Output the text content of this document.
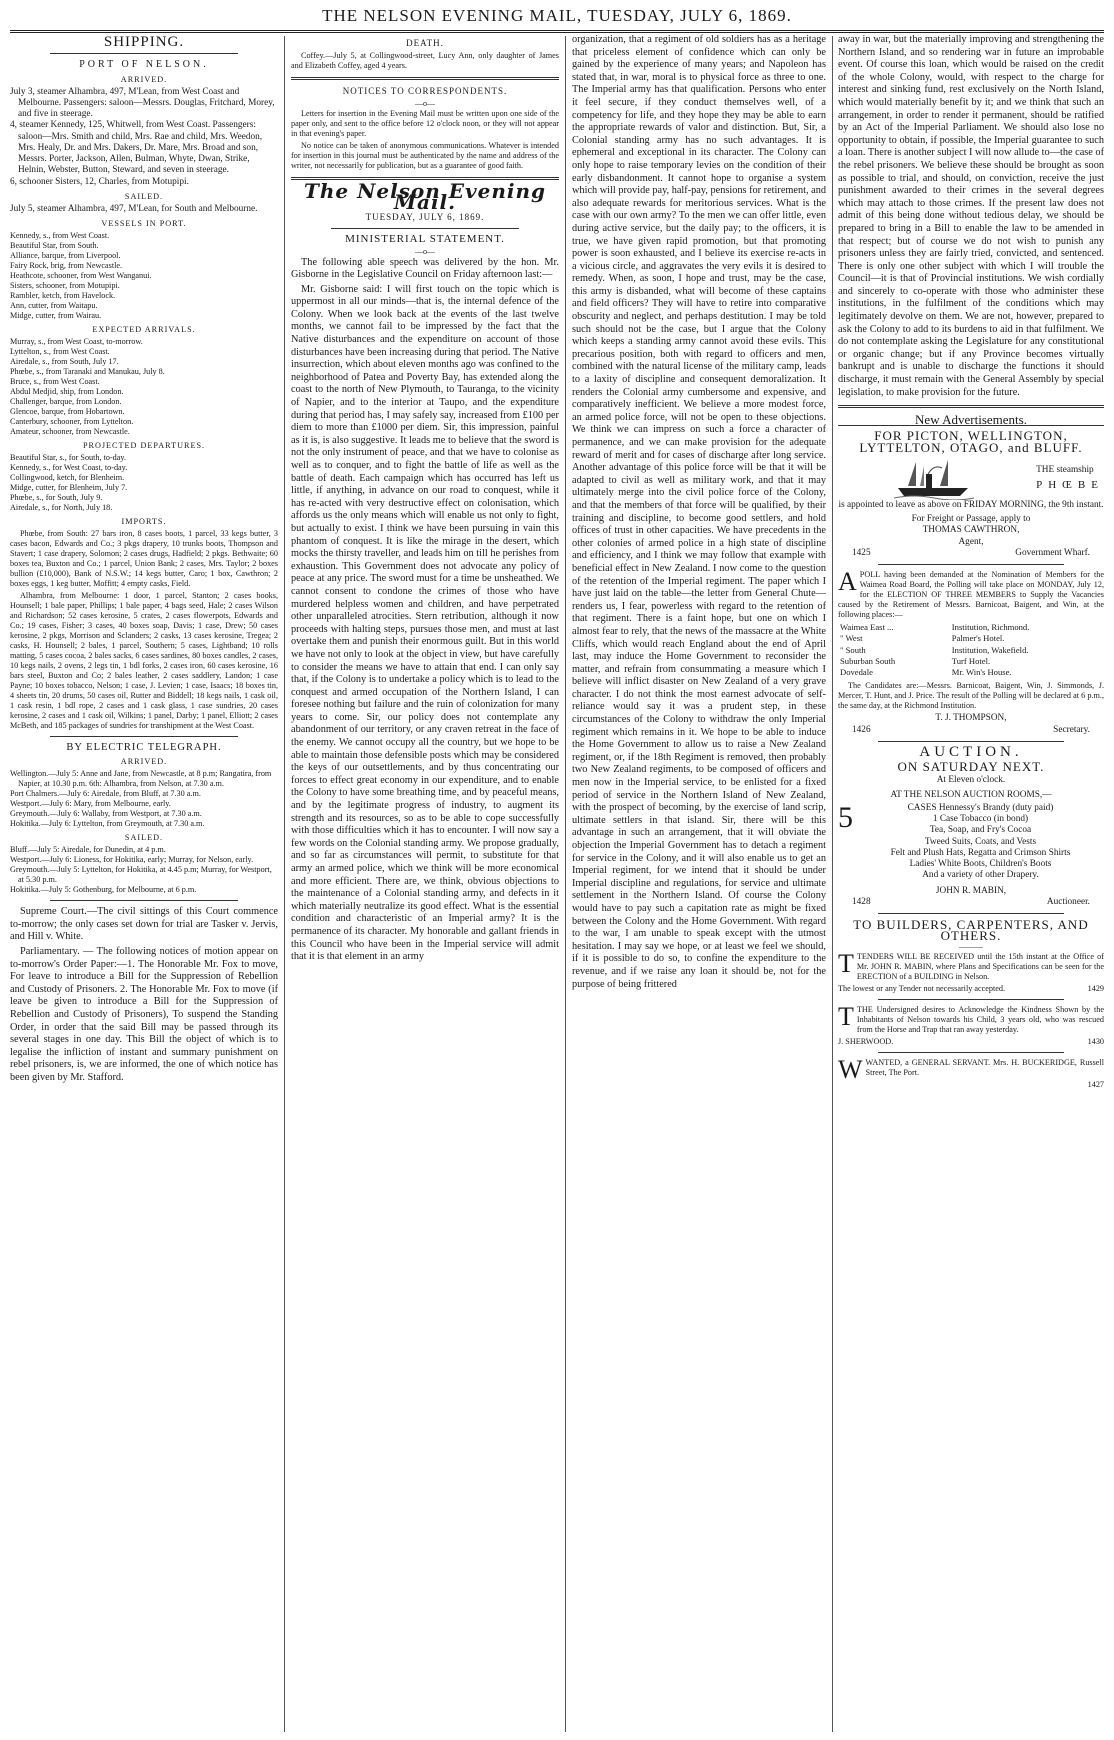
THE NELSON EVENING MAIL, TUESDAY, JULY 6, 1869.
SHIPPING.
PORT OF NELSON.
ARRIVED.
July 3, steamer Alhambra, 497, M'Lean, from West Coast and Melbourne. Passengers: saloon—Messrs. Douglas, Fritchard, Morey, and five in steerage.
4, steamer Kennedy, 125, Whitwell, from West Coast. Passengers: saloon—Mrs. Smith and child, Mrs. Rae and child, Mrs. Weedon, Mrs. Healy, Dr. and Mrs. Dakers, Dr. Mare, Mrs. Broad and son, Messrs. Porter, Jackson, Allen, Bulman, Whyte, Dwan, Strike, Helnin, Webster, Button, Steward, and seven in steerage.
6, schooner Sisters, 12, Charles, from Motupipi.
SAILED.
July 5, steamer Alhambra, 497, M'Lean, for South and Melbourne.
VESSELS IN PORT.
Kennedy, s., from West Coast.
Beautiful Star, from South.
Alliance, barque, from Liverpool.
Fairy Rock, brig, from Newcastle.
Heathcote, schooner, from West Wanganui.
Sisters, schooner, from Motupipi.
Rambler, ketch, from Havelock.
Ann, cutter, from Waitapu.
Midge, cutter, from Wairau.
EXPECTED ARRIVALS.
Murray, s., from West Coast, to-morrow.
Lyttelton, s., from West Coast.
Airedale, s., from South, July 17.
Phœbe, s., from Taranaki and Manukau, July 8.
Bruce, s., from West Coast.
Abdul Medjid, ship, from London.
Challenger, barque, from London.
Glencoe, barque, from Hobartown.
Canterbury, schooner, from Lyttelton.
Amateur, schooner, from Newcastle.
PROJECTED DEPARTURES.
Beautiful Star, s., for South, to-day.
Kennedy, s., for West Coast, to-day.
Collingwood, ketch, for Blenheim.
Midge, cutter, for Blenheim, July 7.
Phœbe, s., for South, July 9.
Airedale, s., for North, July 18.
IMPORTS.

Phœbe, from South: 27 bars iron, 8 cases boots, 1 parcel, 33 kegs butter, 3 cases bacon, Edwards and Co.; 3 pkgs drapery, 10 trunks boots, Thompson and Stavert; 1 case drapery, Solomon; 2 cases drugs, Hadfield; 2 pkgs. Bethwaite; 60 boxes tea, Buxton and Co.; 1 parcel, Union Bank; 2 cases, Mrs. Taylor; 2 boxes bullion (£10,000), Bank of N.S.W.; 14 kegs butter, Caro; 1 box, Cawthron; 2 boxes eggs, 1 keg butter, Moffitt; 4 empty casks, Field.

Alhambra, from Melbourne: 1 door, 1 parcel, Stanton; 2 cases books, Hounsell; 1 bale paper, Phillips; 1 bale paper, 4 bags seed, Hale; 2 cases Wilson and Richardson; 52 cases kerosine, 5 crates, 2 cases flowerpots, Edwards and Co.; 19 cases, Fisher; 3 cases, 40 boxes soap, Davis; 1 case, Drew; 50 cases kerosine, 2 pkgs, Morrison and Sclanders; 2 casks, 13 cases kerosine, Tregea; 2 casks, H. Hounsell; 2 bales, 1 parcel, Southern; 5 cases, Lightband; 10 rolls matting, 5 cases cocoa, 2 bales sacks, 6 cases sardines, 80 boxes candles, 2 cases, 10 kegs nails, 2 ovens, 2 legs tin, 1 bdl forks, 2 cases iron, 60 cases kerosine, 16 bars steel, Buxton and Co; 2 bales leather, 2 cases saddlery, Landon; 1 case Payne; 10 boxes tobacco, Nelson; 1 case, J. Levien; 1 case, Isaacs; 18 boxes tin, 4 sheets tin, 20 drums, 50 cases oil, Rutter and Biddell; 18 kegs nails, 1 cask oil, 1 cask resin, 1 bdl rope, 2 cases and 1 cask glass, 1 case sundries, 20 cases kerosine, 2 cases and 1 cask oil, Wilkins; 1 panel, Darby; 1 panel, Elliott; 2 cases McBeth, and 185 packages of sundries for transhipment at the West Coast.

BY ELECTRIC TELEGRAPH.
ARRIVED.
Wellington.—July 5: Anne and Jane, from Newcastle, at 8 p.m; Rangatira, from Napier, at 10.30 p.m. 6th: Alhambra, from Nelson, at 7.30 a.m.
Port Chalmers.—July 6: Airedale, from Bluff, at 7.30 a.m.
Westport.—July 6: Mary, from Melbourne, early.
Greymouth.—July 6: Wallaby, from Westport, at 7.30 a.m.
Hokitika.—July 6: Lyttelton, from Greymouth, at 7.30 a.m.
SAILED.
Bluff.—July 5: Airedale, for Dunedin, at 4 p.m.
Westport.—July 6: Lioness, for Hokitika, early; Murray, for Nelson, early.
Greymouth.—July 5: Lyttelton, for Hokitika, at 4.45 p.m; Murray, for Westport, at 5.30 p.m.
Hokitika.—July 5: Gothenburg, for Melbourne, at 6 p.m.

Supreme Court.—The civil sittings of this Court commence to-morrow; the only cases set down for trial are Tasker v. Jervis, and Hill v. White.

Parliamentary. — The following notices of motion appear on to-morrow's Order Paper:—1. The Honorable Mr. Fox to move, For leave to introduce a Bill for the Suppression of Rebellion and Custody of Prisoners. 2. The Honorable Mr. Fox to move (if leave be given to introduce a Bill for the Suppression of Rebellion and Custody of Prisoners), To suspend the Standing Order, in order that the said Bill may be passed through its several stages in one day. This Bill the object of which is to legalise the infliction of instant and summary punishment on rebel prisoners, is, we are informed, the one of which notice has been given by Mr. Stafford.

DEATH.

Coffey.—July 5, at Collingwood-street, Lucy Ann, only daughter of James and Elizabeth Coffey, aged 4 years.

NOTICES TO CORRESPONDENTS.
—o—

Letters for insertion in the Evening Mail must be written upon one side of the paper only, and sent to the office before 12 o'clock noon, or they will not appear in that evening's paper.

No notice can be taken of anonymous communications. Whatever is intended for insertion in this journal must be authenticated by the name and address of the writer, not necessarily for publication, but as a guarantee of good faith.

The Nelson Evening Mail.
TUESDAY, JULY 6, 1869.
MINISTERIAL STATEMENT.
—o—

The following able speech was delivered by the hon. Mr. Gisborne in the Legislative Council on Friday afternoon last:—

Mr. Gisborne said: I will first touch on the topic which is uppermost in all our minds—that is, the internal defence of the Colony. When we look back at the events of the last twelve months, we cannot fail to be impressed by the fact that the Native disturbances and the expenditure on account of those disturbances have been increasing during that period. The Native insurrection, which about eleven months ago was confined to the neighborhood of Patea and Poverty Bay, has extended along the coast to the north of New Plymouth, to Tauranga, to the vicinity of Napier, and to the interior at Taupo, and the expenditure during that period has, I may safely say, increased from £100 per diem to more than £1000 per diem. Sir, this impression, painful as it is, is also suggestive. It leads me to believe that the sword is not the only instrument of peace, and that we have to colonise as well as to conquer, and to fight the battle of life as well as the battle of death. Each campaign which has occurred has left us little, if anything, in advance on our road to conquest, while it has re-acted with very destructive effect on colonisation, which affords us the only means which will enable us not only to fight, but actually to exist. I think we have been pursuing in vain this phantom of conquest. It is like the mirage in the desert, which mocks the thirsty traveller, and leads him on till he perishes from exhaustion. This Government does not advocate any policy of peace at any price. The sword must for a time be unsheathed. We cannot consent to condone the crimes of those who have murdered helpless women and children, and have perpetrated other unparalleled atrocities. Stern retribution, although it now proceeds with halting steps, pursues those men, and must at last overtake them and punish their enormous guilt. But in this world we have not only to look at the object in view, but have carefully to consider the means we have to attain that end. I can only say that, if the Colony is to undertake a policy which is to lead to the conquest and armed occupation of the Northern Island, I can foresee nothing but failure and the ruin of colonization for many years to come. Sir, our policy does not contemplate any abandonment of our territory, or any craven retreat in the face of the enemy. We cannot occupy all the country, but we hope to be able to maintain those defensible posts which may be considered the keys of our outsettlements, and by thus concentrating our forces to effect great economy in our expenditure, and to enable the Colony to have some breathing time, and by peaceful means, and by the legitimate progress of industry, to augment its strength and its resources, so as to be able to cope successfully with those difficulties which it has to encounter. I will now say a few words on the Colonial standing army. We propose gradually, and so far as circumstances will permit, to substitute for that army an armed police, which we think will be more economical and more efficient. There are, we think, obvious objections to the maintenance of a Colonial standing army, and defects in it which materially neutralize its good effect. What is the essential condition and characteristic of an Imperial army? It is the permanence of its character. My honorable and gallant friends in this Council who have been in the Imperial service will admit that it is that element in an army

organization, that a regiment of old soldiers has as a heritage that priceless element of confidence which can only be gained by the experience of many years; and Napoleon has stated that, in war, moral is to physical force as three to one. The Imperial army has that qualification. Persons who enter it feel secure, if they conduct themselves well, of a competency for life, and they hope they may be able to earn the appropriate rewards of valor and distinction. But, Sir, a Colonial standing army has no such advantages. It is ephemeral and exceptional in its character. The Colony can only hope to raise temporary levies on the condition of their early disbandonment. It cannot hope to organise a system which will provide pay, half-pay, pensions for retirement, and also adequate rewards for meritorious services. What is the case with our own army? To the men we can offer little, even during active service, but the daily pay; to the officers, it is true, we have given rapid promotion, but that promoting power is soon exhausted, and I believe its exercise re-acts in a vicious circle, and aggravates the very evils it is desired to remedy. When, as soon, I hope and trust, may be the case, this army is disbanded, what will become of these captains and field officers? They will have to retire into comparative obscurity and neglect, and perhaps destitution. I may be told such should not be the case, but I argue that the Colony which keeps a standing army cannot avoid these evils. This precarious position, both with regard to officers and men, combined with the natural license of the military camp, leads to a laxity of discipline and consequent demoralization. It renders the Colonial army cumbersome and expensive, and comparatively inefficient. We believe a more modest force, an armed police force, will not be open to these objections. We think we can impress on such a force a character of permanence, and we can make provision for the adequate reward of merit and for cases of discharge after long service. Another advantage of this police force will be that it will be adapted to civil as well as military work, and that it may ultimately merge into the civil police force of the Colony, and that the members of that force will be qualified, by their training and discipline, to become good settlers, and hold offices of trust in other capacities. We have precedents in the other colonies of armed police in a high state of discipline and efficiency, and I think we may follow that example with beneficial effect in New Zealand. I now come to the question of the retention of the Imperial regiment. The paper which I have just laid on the table—the letter from General Chute—renders us, I fear, powerless with regard to the retention of that regiment. There is a faint hope, but one on which I almost fear to rely, that the news of the massacre at the White Cliffs, which would reach England about the end of April last, may induce the Home Government to reconsider the matter, and refrain from consummating a measure which I believe will inflict disaster on New Zealand of a very grave character. I do not think the most earnest advocate of self-reliance would say it was a prudent step, in these circumstances of the Colony to withdraw the only Imperial regiment which remains in it. We hope to be able to induce the Home Government to allow us to raise a New Zealand regiment, or, if the 18th Regiment is removed, then probably two New Zealand regiments, to be composed of officers and men now in the Imperial service, to be enlisted for a fixed period of service in the Northern Island of New Zealand, with the prospect of becoming, by the exercise of land scrip, ultimate settlers in that island. Sir, there will be this advantage in such an arrangement, that it will obviate the objection the Imperial Government has to detach a regiment for service in the Colony, and it will also enable us to get an Imperial regiment, for we intend that it should be under Imperial discipline and regulations, for service and ultimate settlement in the Northern Island. Of course the Colony would have to pay such a capitation rate as might be fixed between the Colony and the Home Government. With regard to the war, I am unable to speak except with the utmost hesitation. I may say we hope, or at least we feel we should, if it is possible to do so, to confine the expenditure to the revenue, and if we raise any loan it should be, not for the purpose of being frittered

away in war, but the materially improving and strengthening the Northern Island, and so rendering war in future an improbable event. Of course this loan, which would be raised on the credit of the whole Colony, would, with respect to the charge for interest and sinking fund, rest exclusively on the North Island, which would materially benefit by it; and we think that such an arrangement, in order to render it permanent, should be ratified by an Act of the Imperial Parliament. We should also lose no opportunity to obtain, if possible, the Imperial guarantee to such a loan. There is another subject I will now allude to—the case of the rebel prisoners. We believe these should be brought as soon as possible to trial, and should, on conviction, receive the just punishment awarded to their crimes in the several degrees which may attach to those crimes. If the present law does not admit of this being done without tedious delay, we should be prepared to bring in a Bill to enable the law to be amended in that respect; but of course we do not wish to punish any prisoners unless they are fairly tried, convicted, and sentenced. There is only one other subject with which I will trouble the Council—it is that of Provincial institutions. We wish cordially and sincerely to co-operate with those who administer these institutions, in the fulfilment of the conditions which may legitimately devolve on them. We are not, however, prepared to ask the Colony to add to its burdens to aid in that fulfilment. We do not contemplate asking the Legislature for any constitutional or organic change; but if any Province becomes virtually bankrupt and is unable to discharge the functions it should discharge, it must remain with the General Assembly by special legislation, to make provision for the future.

New Advertisements.
FOR PICTON, WELLINGTON, LYTTELTON, OTAGO, and BLUFF.
THE steamship
PHŒBE
is appointed to leave as above on FRIDAY MORNING, the 9th instant.
For Freight or Passage, apply to
THOMAS CAWTHRON,
Agent,
1425	Government Wharf.

APOLL having been demanded at the Nomination of Members for the Waimea Road Board, the Polling will take place on MONDAY, July 12, for the ELECTION OF THREE MEMBERS to Supply the Vacancies caused by the Retirement of Messrs. Barnicoat, Baigent, and Win, at the following places:—

Waimea East ...	Institution, Richmond.
" West	Palmer's Hotel.
" South	Institution, Wakefield.
Suburban South	Turf Hotel.
Dovedale	Mr. Win's House.

The Candidates are:—Messrs. Barnicoat, Baigent, Win, J. Simmonds, J. Mercer, T. Hunt, and J. Price. The result of the Polling will be declared at 6 p.m., the same day, at the Richmond Institution.

T. J. THOMPSON,
1426	Secretary.
AUCTION.
ON SATURDAY NEXT.
At Eleven o'clock.
AT THE NELSON AUCTION ROOMS,—
5	CASES Hennessy's Brandy (duty paid)
1 Case Tobacco (in bond)
Tea, Soap, and Fry's Cocoa
Tweed Suits, Coats, and Vests
Felt and Plush Hats, Regatta and Crimson Shirts
Ladies' White Boots, Children's Boots
And a variety of other Drapery.
JOHN R. MABIN,
1428	Auctioneer.
TO BUILDERS, CARPENTERS, AND OTHERS.
———

TTENDERS WILL BE RECEIVED until the 15th instant at the Office of Mr. JOHN R. MABIN, where Plans and Specifications can be seen for the ERECTION of a BUILDING in Nelson.

The lowest or any Tender not necessarily accepted.	1429

TTHE Undersigned desires to Acknowledge the Kindness Shown by the Inhabitants of Nelson towards his Child, 3 years old, who was rescued from the Horse and Trap that ran away yesterday.

J. SHERWOOD.	1430

WWANTED, a GENERAL SERVANT. Mrs. H. BUCKERIDGE, Russell Street, The Port.

1427
